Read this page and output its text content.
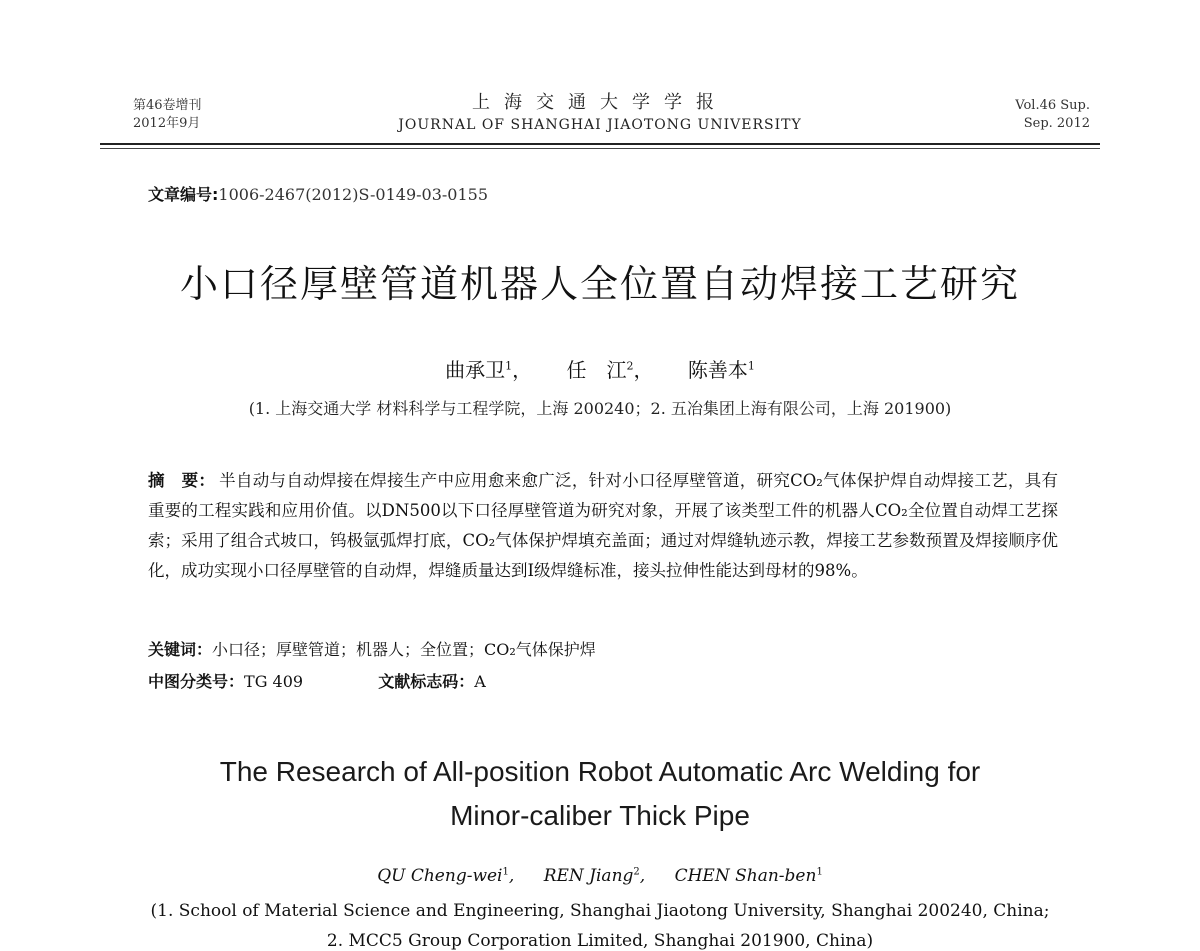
第46卷增刊
2012年9月
上海交通大学学报
JOURNAL OF SHANGHAI JIAOTONG UNIVERSITY
Vol.46 Sup.
Sep. 2012
文章编号:1006-2467(2012)S-0149-03-0155
小口径厚壁管道机器人全位置自动焊接工艺研究
曲承卫$^1$， 任　江$^2$， 陈善本$^1$
(1. 上海交通大学 材料科学与工程学院，上海 200240；2. 五冶集团上海有限公司，上海 201900)
摘　要： 半自动与自动焊接在焊接生产中应用愈来愈广泛，针对小口径厚壁管道，研究CO₂气体保护焊自动焊接工艺，具有重要的工程实践和应用价值。以DN500以下口径厚壁管道为研究对象，开展了该类型工件的机器人CO₂全位置自动焊工艺探索；采用了组合式坡口，钨极氩弧焊打底，CO₂气体保护焊填充盖面；通过对焊缝轨迹示教，焊接工艺参数预置及焊接顺序优化，成功实现小口径厚壁管的自动焊，焊缝质量达到Ⅰ级焊缝标准，接头拉伸性能达到母材的98%。
关键词：小口径；厚壁管道；机器人；全位置；CO₂气体保护焊
中图分类号：TG 409	文献标志码：A
The Research of All-position Robot Automatic Arc Welding for
Minor-caliber Thick Pipe
QU Cheng-wei$^1$, REN Jiang$^2$, CHEN Shan-ben$^1$
(1. School of Material Science and Engineering, Shanghai Jiaotong University, Shanghai 200240, China;
2. MCC5 Group Corporation Limited, Shanghai 201900, China)
